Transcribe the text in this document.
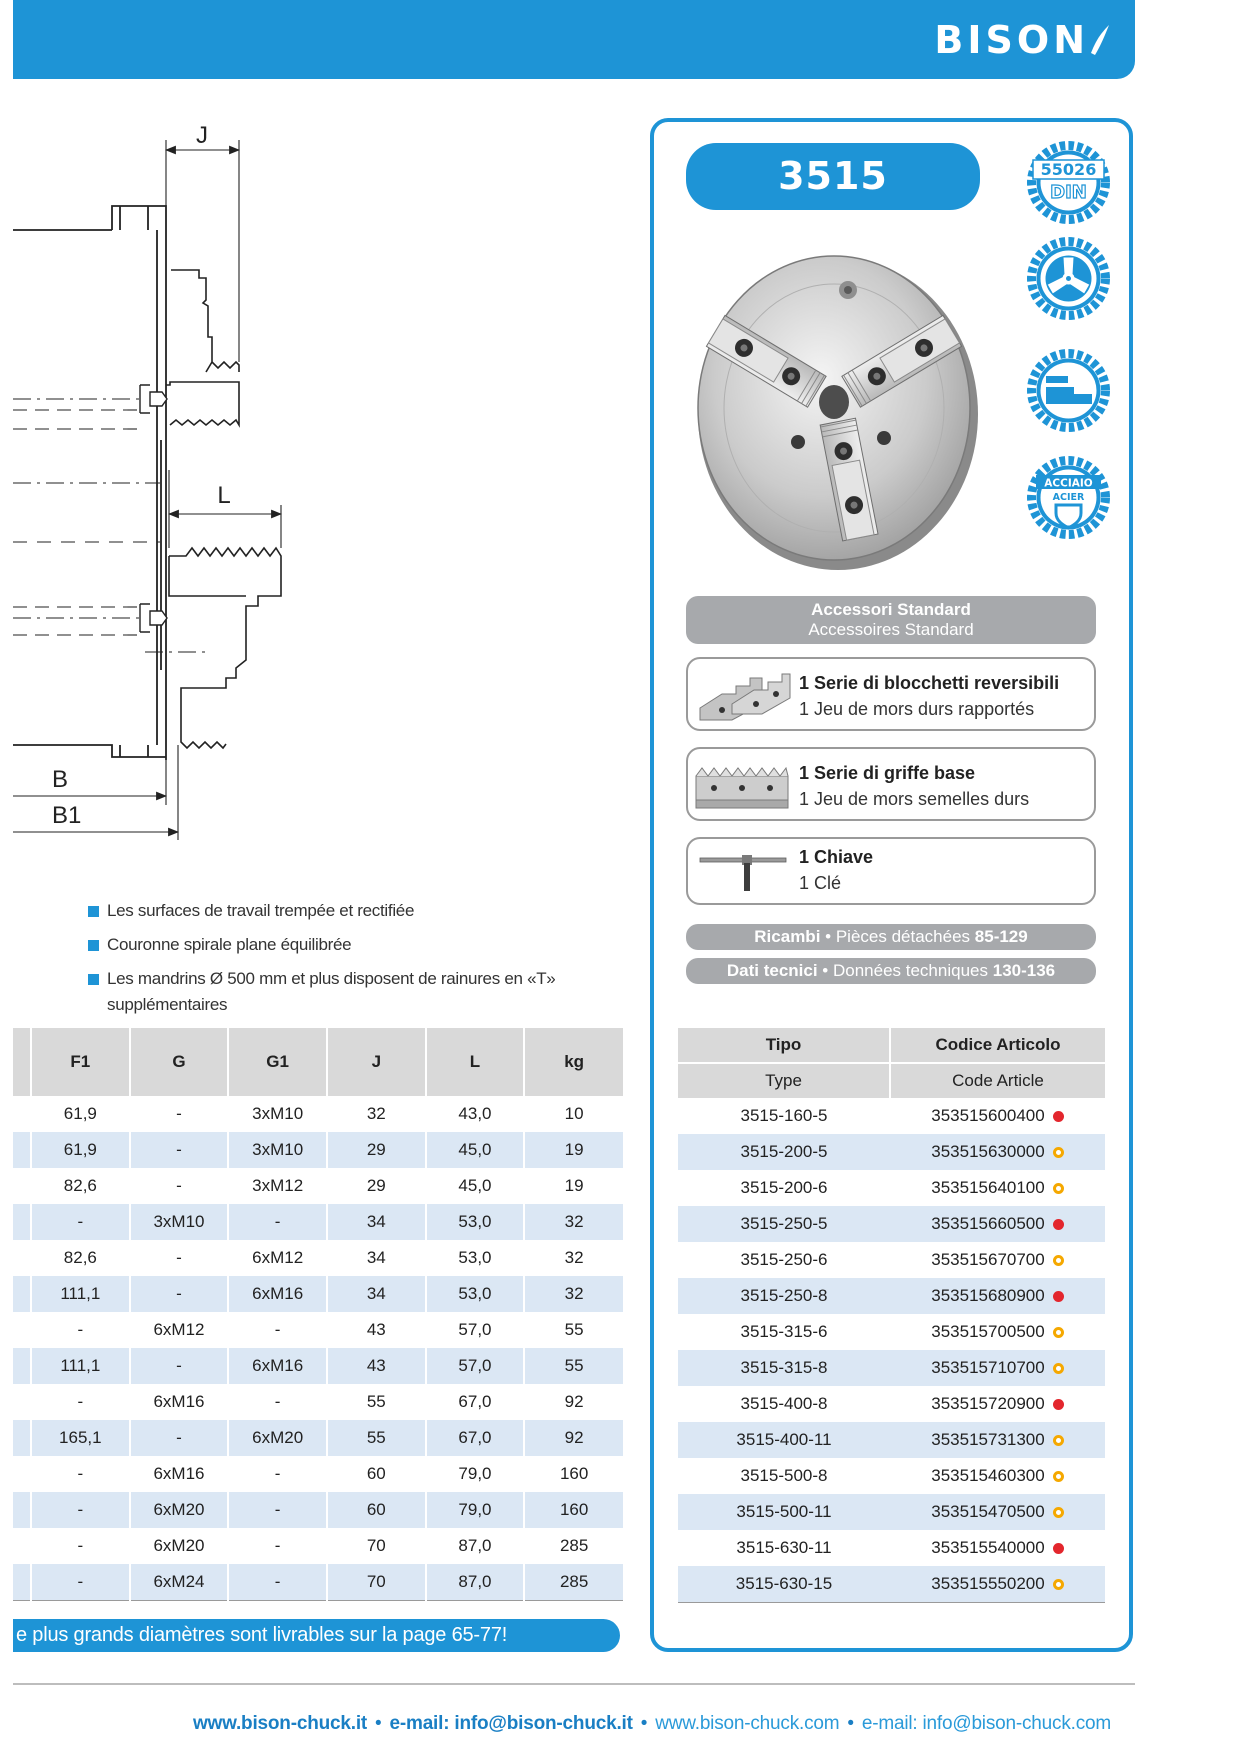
BISON
J
L
B
B1
Les surfaces de travail trempée et rectifiée
Couronne spirale plane équilibrée
Les mandrins Ø 500 mm et plus disposent de rainures en «T» supplémentaires
	F1	G	G1	J	L	kg
	61,9	-	3xM10	32	43,0	10
	61,9	-	3xM10	29	45,0	19
	82,6	-	3xM12	29	45,0	19
	-	3xM10	-	34	53,0	32
	82,6	-	6xM12	34	53,0	32
	111,1	-	6xM16	34	53,0	32
	-	6xM12	-	43	57,0	55
	111,1	-	6xM16	43	57,0	55
	-	6xM16	-	55	67,0	92
	165,1	-	6xM20	55	67,0	92
	-	6xM16	-	60	79,0	160
	-	6xM20	-	60	79,0	160
	-	6xM20	-	70	87,0	285
	-	6xM24	-	70	87,0	285
e plus grands diamètres sont livrables sur la page 65-77!
3515	55026
DIN
ACCIAIO
ACIER
Accessori Standard
Accessoires Standard
1 Serie di blocchetti reversibili
1 Jeu de mors durs rapportés
1 Serie di griffe base
1 Jeu de mors semelles durs
1 Chiave
1 Clé
Ricambi • Pièces détachées 85-129
Dati tecnici • Données techniques 130-136
Tipo	Codice Articolo
Type	Code Article
3515-160-5	353515600400

3515-200-5	353515630000

3515-200-6	353515640100

3515-250-5	353515660500

3515-250-6	353515670700

3515-250-8	353515680900

3515-315-6	353515700500

3515-315-8	353515710700

3515-400-8	353515720900

3515-400-11	353515731300

3515-500-8	353515460300

3515-500-11	353515470500

3515-630-11	353515540000

3515-630-15	353515550200
www.bison-chuck.it • e-mail: info@bison-chuck.it • www.bison-chuck.com • e-mail: info@bison-chuck.com
